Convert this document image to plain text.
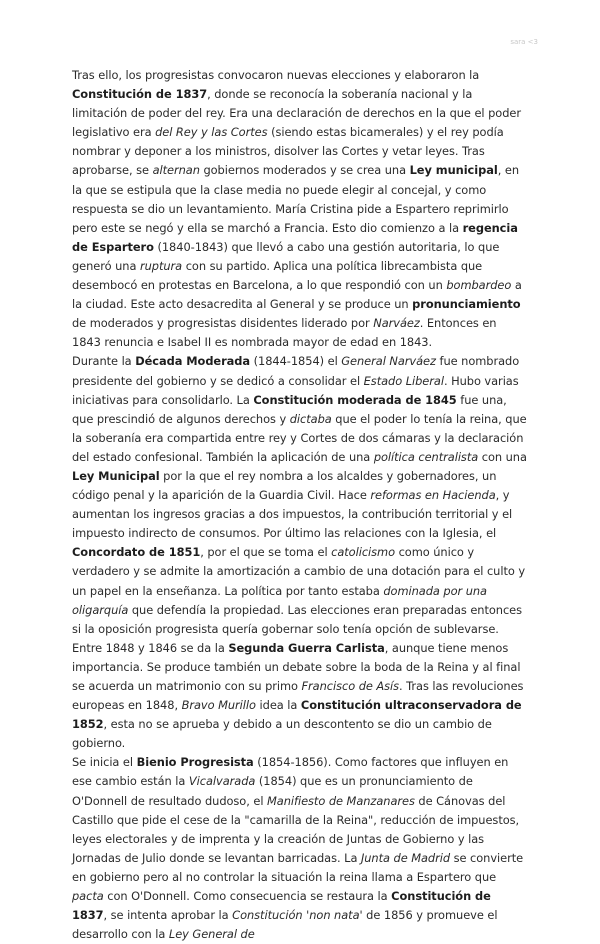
sara <3

Tras ello, los progresistas convocaron nuevas elecciones y elaboraron la Constitución de 1837, donde se reconocía la soberanía nacional y la limitación de poder del rey. Era una declaración de derechos en la que el poder legislativo era del Rey y las Cortes (siendo estas bicamerales) y el rey podía nombrar y deponer a los ministros, disolver las Cortes y vetar leyes. Tras aprobarse, se alternan gobiernos moderados y se crea una Ley municipal, en la que se estipula que la clase media no puede elegir al concejal, y como respuesta se dio un levantamiento. María Cristina pide a Espartero reprimirlo pero este se negó y ella se marchó a Francia. Esto dio comienzo a la regencia de Espartero (1840-1843) que llevó a cabo una gestión autoritaria, lo que generó una ruptura con su partido. Aplica una política librecambista que desembocó en protestas en Barcelona, a lo que respondió con un bombardeo a la ciudad. Este acto desacredita al General y se produce un pronunciamiento de moderados y progresistas disidentes liderado por Narváez. Entonces en 1843 renuncia e Isabel II es nombrada mayor de edad en 1843.

Durante la Década Moderada (1844-1854) el General Narváez fue nombrado presidente del gobierno y se dedicó a consolidar el Estado Liberal. Hubo varias iniciativas para consolidarlo. La Constitución moderada de 1845 fue una, que prescindió de algunos derechos y dictaba que el poder lo tenía la reina, que la soberanía era compartida entre rey y Cortes de dos cámaras y la declaración del estado confesional. También la aplicación de una política centralista con una Ley Municipal por la que el rey nombra a los alcaldes y gobernadores, un código penal y la aparición de la Guardia Civil. Hace reformas en Hacienda, y aumentan los ingresos gracias a dos impuestos, la contribución territorial y el impuesto indirecto de consumos. Por último las relaciones con la Iglesia, el Concordato de 1851, por el que se toma el catolicismo como único y verdadero y se admite la amortización a cambio de una dotación para el culto y un papel en la enseñanza. La política por tanto estaba dominada por una oligarquía que defendía la propiedad. Las elecciones eran preparadas entonces si la oposición progresista quería gobernar solo tenía opción de sublevarse.

Entre 1848 y 1846 se da la Segunda Guerra Carlista, aunque tiene menos importancia. Se produce también un debate sobre la boda de la Reina y al final se acuerda un matrimonio con su primo Francisco de Asís. Tras las revoluciones europeas en 1848, Bravo Murillo idea la Constitución ultraconservadora de 1852, esta no se aprueba y debido a un descontento se dio un cambio de gobierno.

Se inicia el Bienio Progresista (1854-1856). Como factores que influyen en ese cambio están la Vicalvarada (1854) que es un pronunciamiento de O'Donnell de resultado dudoso, el Manifiesto de Manzanares de Cánovas del Castillo que pide el cese de la "camarilla de la Reina", reducción de impuestos, leyes electorales y de imprenta y la creación de Juntas de Gobierno y las Jornadas de Julio donde se levantan barricadas. La Junta de Madrid se convierte en gobierno pero al no controlar la situación la reina llama a Espartero que pacta con O'Donnell. Como consecuencia se restaura la Constitución de 1837, se intenta aprobar la Constitución 'non nata' de 1856 y promueve el desarrollo con la Ley General de
